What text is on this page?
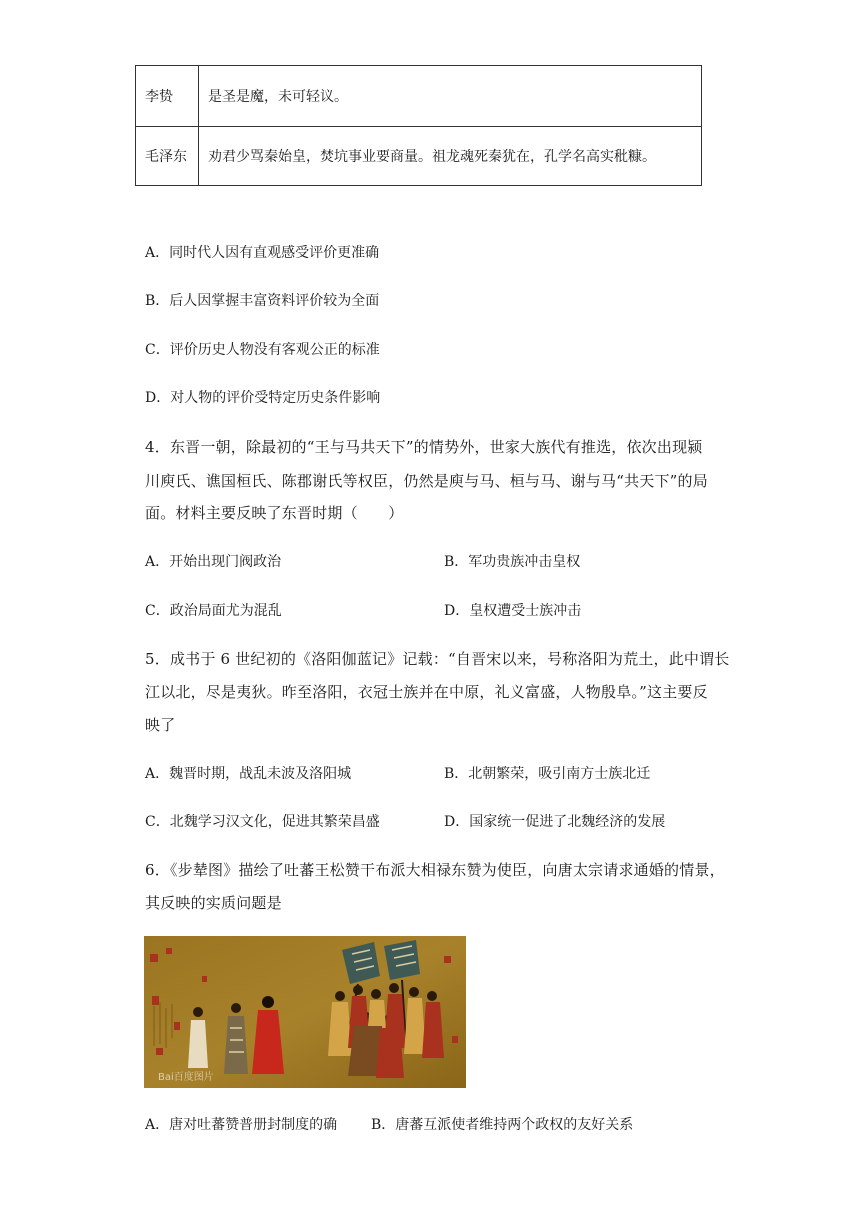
李贽	是圣是魔，未可轻议。
毛泽东	劝君少骂秦始皇，焚坑事业要商量。祖龙魂死秦犹在，孔学名高实秕糠。
A．同时代人因有直观感受评价更准确
B．后人因掌握丰富资料评价较为全面
C．评价历史人物没有客观公正的标准
D．对人物的评价受特定历史条件影响
4．东晋一朝，除最初的“王与马共天下”的情势外，世家大族代有推选，依次出现颍
川庾氏、谯国桓氏、陈郡谢氏等权臣，仍然是庾与马、桓与马、谢与马“共天下”的局
面。材料主要反映了东晋时期（　　）
A．开始出现门阀政治	B．军功贵族冲击皇权
C．政治局面尤为混乱	D．皇权遭受士族冲击
5．成书于 6 世纪初的《洛阳伽蓝记》记载：“自晋宋以来，号称洛阳为荒土，此中谓长
江以北，尽是夷狄。昨至洛阳，衣冠士族并在中原，礼义富盛，人物殷阜。”这主要反
映了
A．魏晋时期，战乱未波及洛阳城	B．北朝繁荣，吸引南方士族北迁
C．北魏学习汉文化，促进其繁荣昌盛	D．国家统一促进了北魏经济的发展
6．《步辇图》描绘了吐蕃王松赞干布派大相禄东赞为使臣，向唐太宗请求通婚的情景，
其反映的实质问题是
Bai百度图片
A．唐对吐蕃赞普册封制度的确 B．唐蕃互派使者维持两个政权的友好关系
